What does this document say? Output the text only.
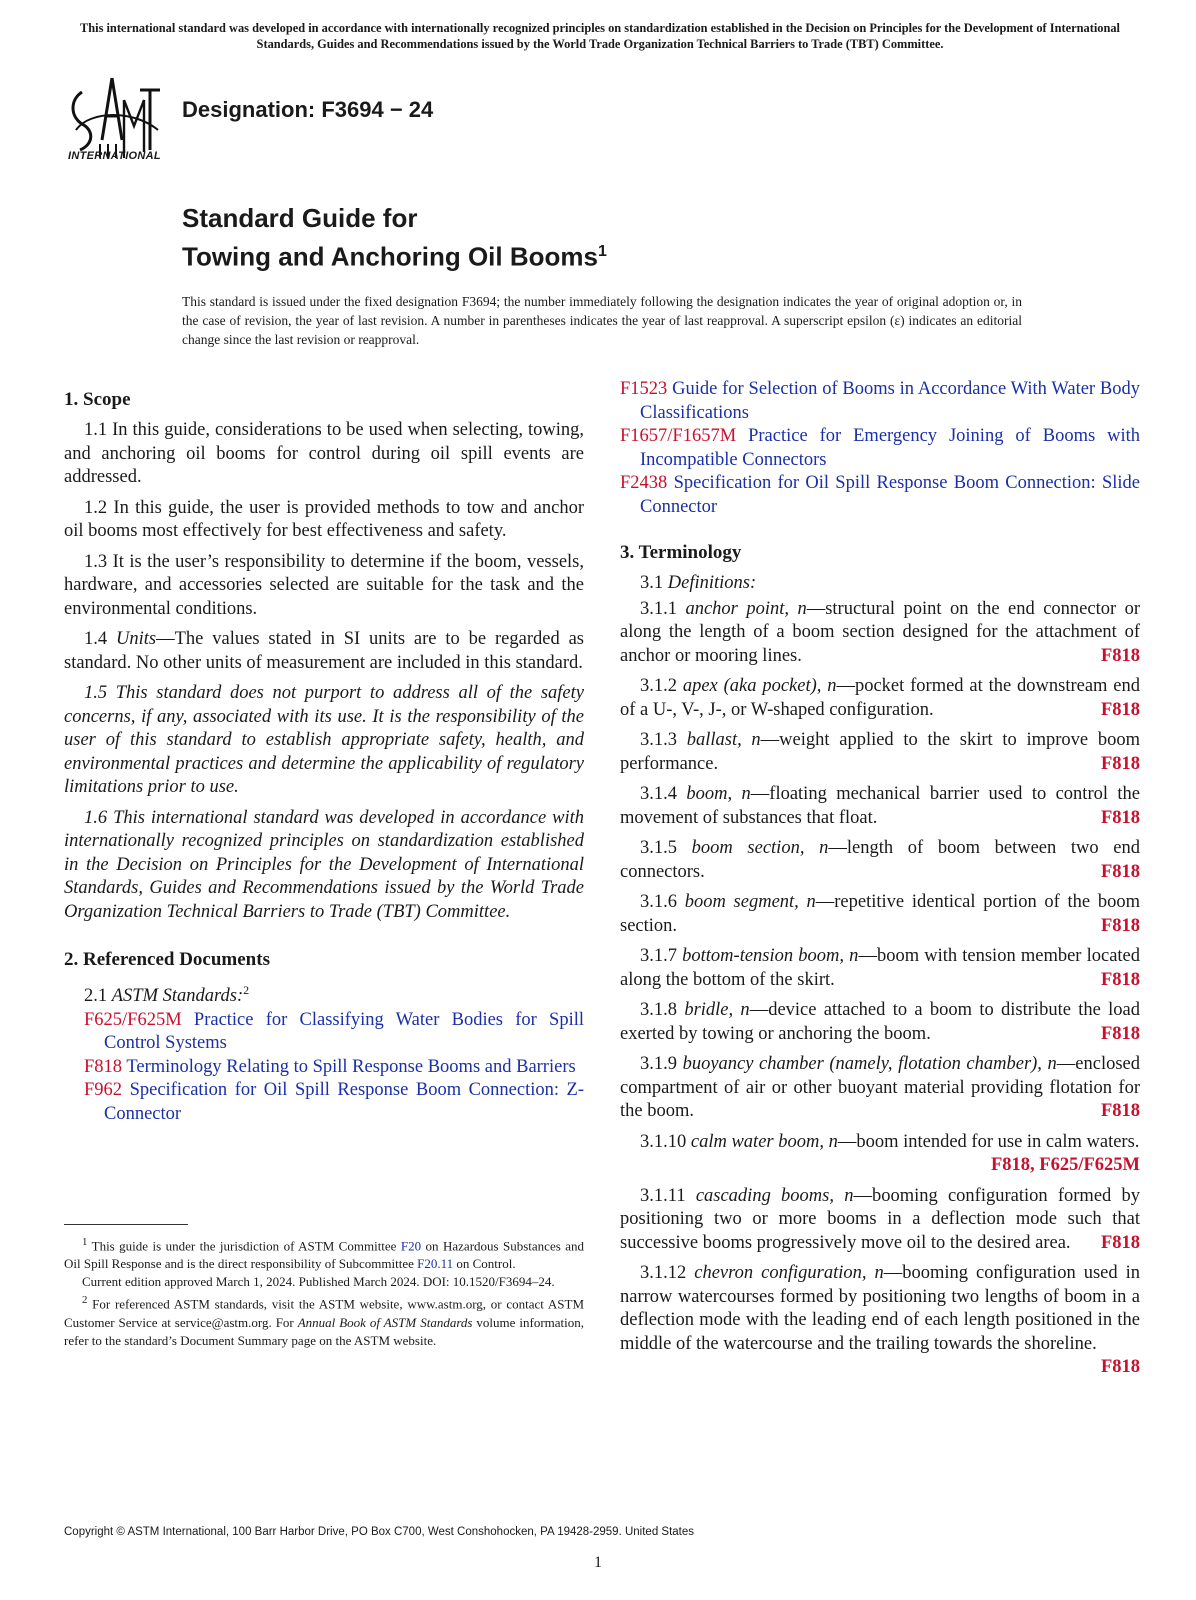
This international standard was developed in accordance with internationally recognized principles on standardization established in the Decision on Principles for the Development of International Standards, Guides and Recommendations issued by the World Trade Organization Technical Barriers to Trade (TBT) Committee.
INTERNATIONAL
Designation: F3694 − 24
Standard Guide for
Towing and Anchoring Oil Booms$^1$
This standard is issued under the fixed designation F3694; the number immediately following the designation indicates the year of original adoption or, in the case of revision, the year of last revision. A number in parentheses indicates the year of last reapproval. A superscript epsilon (ε) indicates an editorial change since the last revision or reapproval.
1. Scope

1.1 In this guide, considerations to be used when selecting, towing, and anchoring oil booms for control during oil spill events are addressed.

1.2 In this guide, the user is provided methods to tow and anchor oil booms most effectively for best effectiveness and safety.

1.3 It is the user’s responsibility to determine if the boom, vessels, hardware, and accessories selected are suitable for the task and the environmental conditions.

1.4 Units—The values stated in SI units are to be regarded as standard. No other units of measurement are included in this standard.

1.5 This standard does not purport to address all of the safety concerns, if any, associated with its use. It is the responsibility of the user of this standard to establish appropriate safety, health, and environmental practices and determine the applicability of regulatory limitations prior to use.

1.6 This international standard was developed in accordance with internationally recognized principles on standardization established in the Decision on Principles for the Development of International Standards, Guides and Recommendations issued by the World Trade Organization Technical Barriers to Trade (TBT) Committee.

2. Referenced Documents

2.1 ASTM Standards:$^2$

F625/F625M Practice for Classifying Water Bodies for Spill Control Systems

F818 Terminology Relating to Spill Response Booms and Barriers

F962 Specification for Oil Spill Response Boom Connection: Z-Connector

$^1$ This guide is under the jurisdiction of ASTM Committee F20 on Hazardous Substances and Oil Spill Response and is the direct responsibility of Subcommittee F20.11 on Control.

Current edition approved March 1, 2024. Published March 2024. DOI: 10.1520/F3694–24.

$^2$ For referenced ASTM standards, visit the ASTM website, www.astm.org, or contact ASTM Customer Service at service@astm.org. For Annual Book of ASTM Standards volume information, refer to the standard’s Document Summary page on the ASTM website.

F1523 Guide for Selection of Booms in Accordance With Water Body Classifications

F1657/F1657M Practice for Emergency Joining of Booms with Incompatible Connectors

F2438 Specification for Oil Spill Response Boom Connection: Slide Connector

3. Terminology

3.1 Definitions:

3.1.1 anchor point, n—structural point on the end connector or along the length of a boom section designed for the attachment of anchor or mooring lines.	F818
3.1.2 apex (aka pocket), n—pocket formed at the downstream end of a U-, V-, J-, or W-shaped configuration.	F818
3.1.3 ballast, n—weight applied to the skirt to improve boom performance.	F818
3.1.4 boom, n—floating mechanical barrier used to control the movement of substances that float.	F818
3.1.5 boom section, n—length of boom between two end connectors.	F818
3.1.6 boom segment, n—repetitive identical portion of the boom section.	F818
3.1.7 bottom-tension boom, n—boom with tension member located along the bottom of the skirt.	F818
3.1.8 bridle, n—device attached to a boom to distribute the load exerted by towing or anchoring the boom.	F818
3.1.9 buoyancy chamber (namely, flotation chamber), n—enclosed compartment of air or other buoyant material providing flotation for the boom.	F818
3.1.10 calm water boom, n—boom intended for use in calm waters.
F818, F625/F625M
3.1.11 cascading booms, n—booming configuration formed by positioning two or more booms in a deflection mode such that successive booms progressively move oil to the desired area.	F818
3.1.12 chevron configuration, n—booming configuration used in narrow watercourses formed by positioning two lengths of boom in a deflection mode with the leading end of each length positioned in the middle of the watercourse and the trailing towards the shoreline.
F818
Copyright © ASTM International, 100 Barr Harbor Drive, PO Box C700, West Conshohocken, PA 19428-2959. United States
1
